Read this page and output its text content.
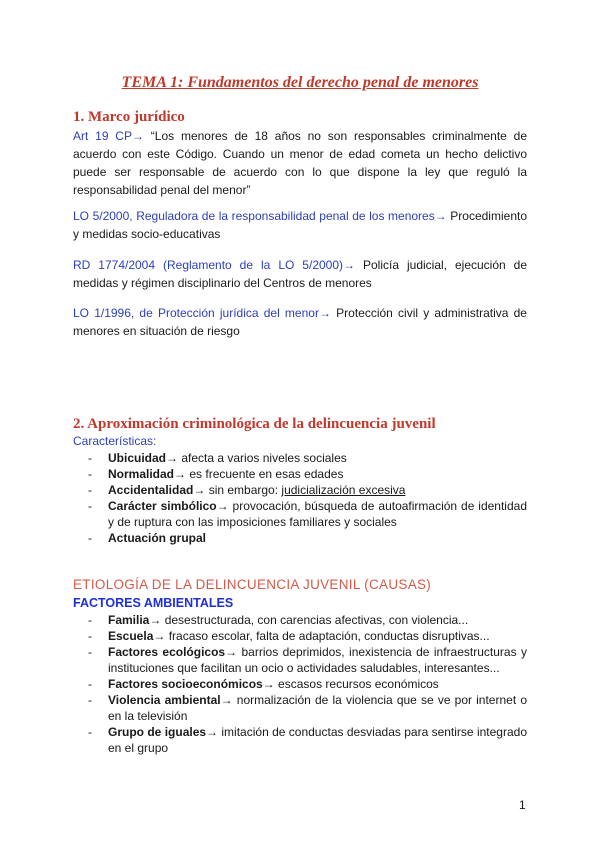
TEMA 1: Fundamentos del derecho penal de menores
1. Marco jurídico
Art 19 CP→ “Los menores de 18 años no son responsables criminalmente de acuerdo con este Código. Cuando un menor de edad cometa un hecho delictivo puede ser responsable de acuerdo con lo que dispone la ley que reguló la responsabilidad penal del menor”
LO 5/2000, Reguladora de la responsabilidad penal de los menores→ Procedimiento y medidas socio-educativas
RD 1774/2004 (Reglamento de la LO 5/2000)→ Policía judicial, ejecución de medidas y régimen disciplinario del Centros de menores
LO 1/1996, de Protección jurídica del menor→ Protección civil y administrativa de menores en situación de riesgo
2. Aproximación criminológica de la delincuencia juvenil
Características:
- Ubicuidad→ afecta a varios niveles sociales
- Normalidad→ es frecuente en esas edades
- Accidentalidad→ sin embargo: judicialización excesiva
- Carácter simbólico→ provocación, búsqueda de autoafirmación de identidad y de ruptura con las imposiciones familiares y sociales
- Actuación grupal
ETIOLOGÍA DE LA DELINCUENCIA JUVENIL (CAUSAS)
FACTORES AMBIENTALES
- Familia→ desestructurada, con carencias afectivas, con violencia...
- Escuela→ fracaso escolar, falta de adaptación, conductas disruptivas...
- Factores ecológicos→ barrios deprimidos, inexistencia de infraestructuras y instituciones que facilitan un ocio o actividades saludables, interesantes...
- Factores socioeconómicos→ escasos recursos económicos
- Violencia ambiental→ normalización de la violencia que se ve por internet o en la televisión
- Grupo de iguales→ imitación de conductas desviadas para sentirse integrado en el grupo
1
